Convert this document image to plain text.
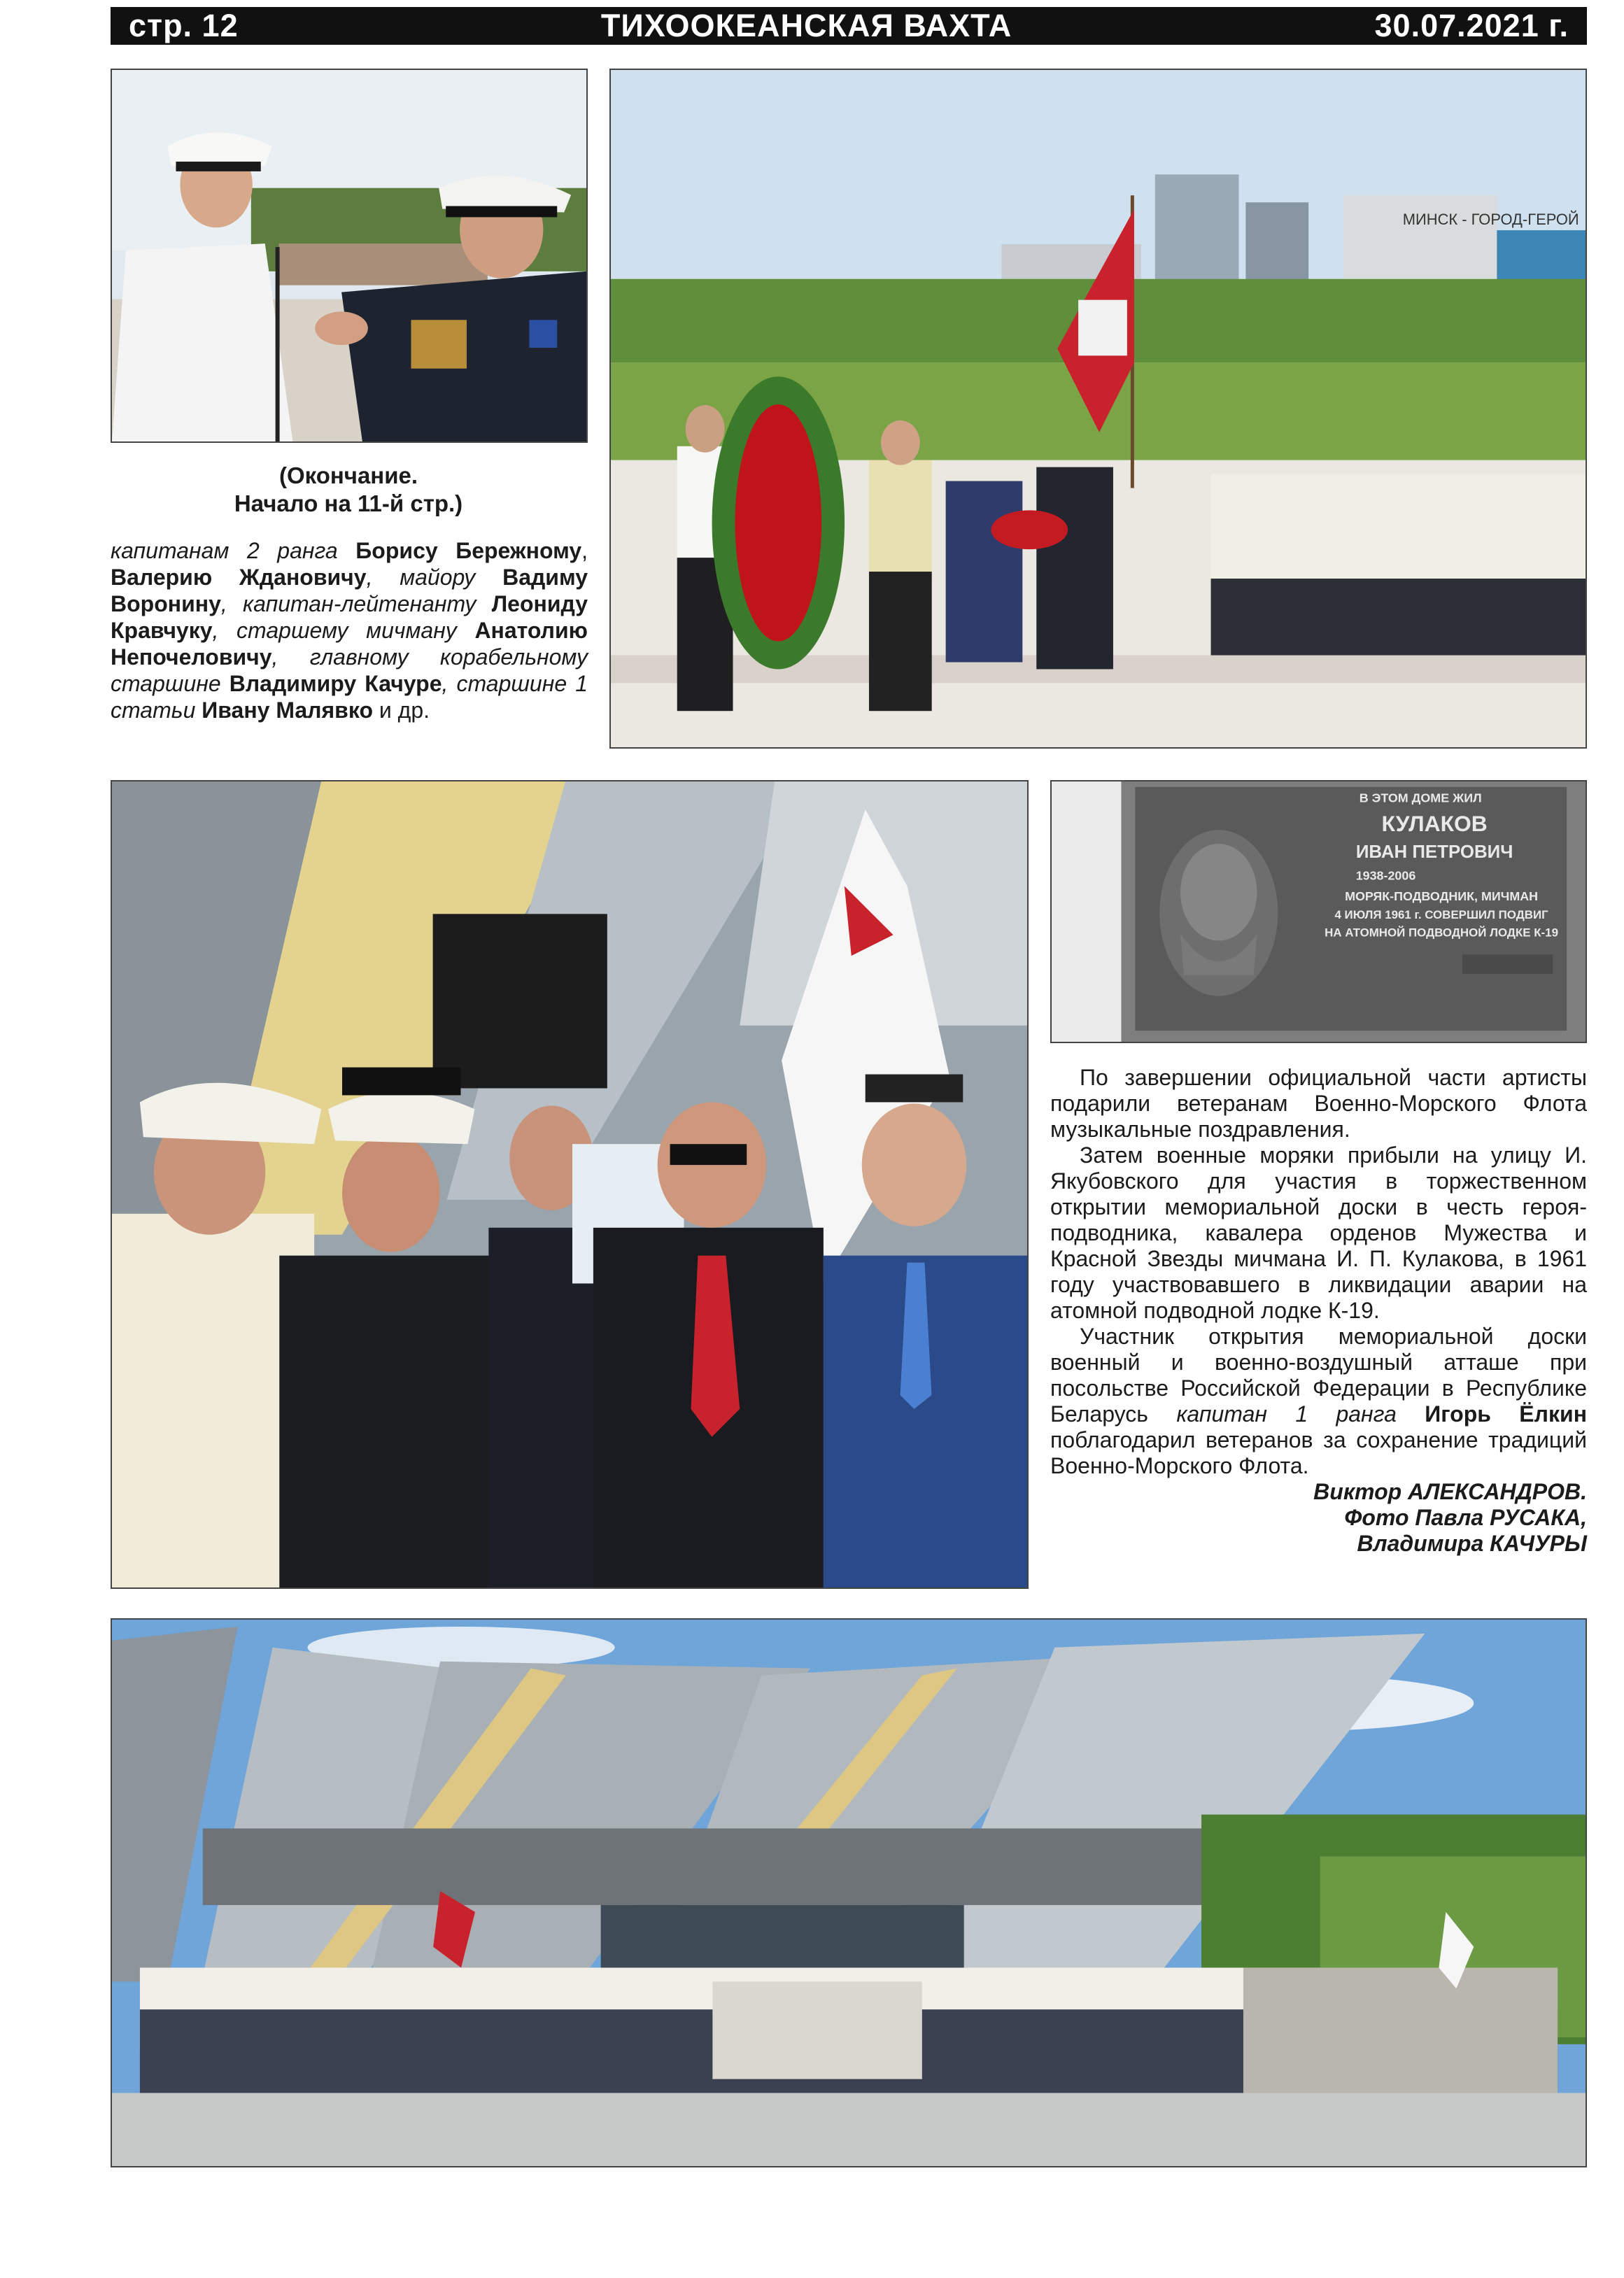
стр. 12	ТИХООКЕАНСКАЯ ВАХТА	30.07.2021 г.
(Окончание.
Начало на 11-й стр.)

капитанам 2 ранга Борису Бережному, Валерию Ждановичу, майору Вадиму Воронину, капитан-лейтенанту Леониду Кравчуку, старшему мичману Анатолию Непочеловичу, главному корабельному старшине Владимиру Качуре, старшине 1 статьи Ивану Малявко и др.

МИНСК - ГОРОД-ГЕРОЙ
В ЭТОМ ДОМЕ ЖИЛ
КУЛАКОВ
ИВАН ПЕТРОВИЧ
1938-2006
МОРЯК-ПОДВОДНИК, МИЧМАН
4 ИЮЛЯ 1961 г. СОВЕРШИЛ ПОДВИГ
НА АТОМНОЙ ПОДВОДНОЙ ЛОДКЕ К-19

По завершении официальной части артисты подарили ветеранам Военно-Морского Флота музыкальные поздравления.

Затем военные моряки прибыли на улицу И. Якубовского для участия в торжественном открытии мемориальной доски в честь героя-подводника, кавалера орденов Мужества и Красной Звезды мичмана И. П. Кулакова, в 1961 году участвовавшего в ликвидации аварии на атомной подводной лодке К-19.

Участник открытия мемориальной доски военный и военно-воздушный атташе при посольстве Российской Федерации в Республике Беларусь капитан 1 ранга Игорь Ёлкин поблагодарил ветеранов за сохранение традиций Военно-Морского Флота.

Виктор АЛЕКСАНДРОВ.

Фото Павла РУСАКА,

Владимира КАЧУРЫ
